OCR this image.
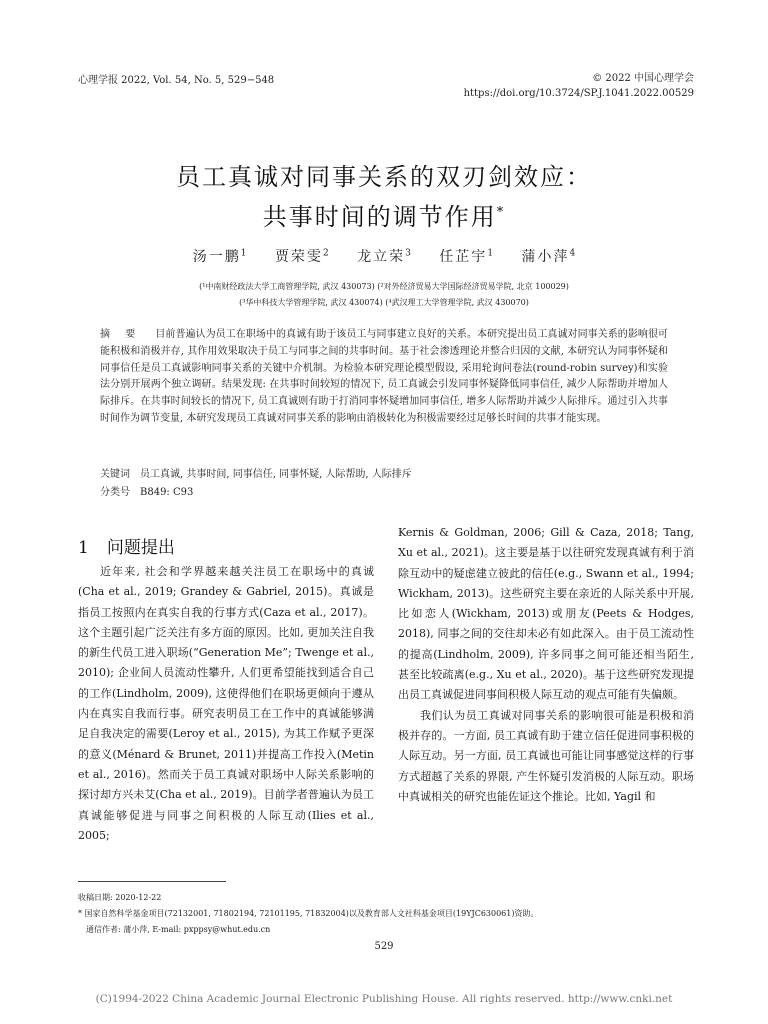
心理学报 2022, Vol. 54, No. 5, 529−548	© 2022 中国心理学会
https://doi.org/10.3724/SP.J.1041.2022.00529
员工真诚对同事关系的双刃剑效应：
共事时间的调节作用*
汤一鹏$^1$ 贾荣雯$^2$ 龙立荣$^3$ 任芷宇$^1$ 蒲小萍$^4$
(¹中南财经政法大学工商管理学院, 武汉 430073) (²对外经济贸易大学国际经济贸易学院, 北京 100029)
(³华中科技大学管理学院, 武汉 430074) (⁴武汉理工大学管理学院, 武汉 430070)
摘 要 目前普遍认为员工在职场中的真诚有助于该员工与同事建立良好的关系。本研究提出员工真诚对同事关系的影响很可能积极和消极并存, 其作用效果取决于员工与同事之间的共事时间。基于社会渗透理论并整合归因的文献, 本研究认为同事怀疑和同事信任是员工真诚影响同事关系的关键中介机制。为检验本研究理论模型假设, 采用轮询问卷法(round-robin survey)和实验法分别开展两个独立调研。结果发现: 在共事时间较短的情况下, 员工真诚会引发同事怀疑降低同事信任, 减少人际帮助并增加人际排斥。在共事时间较长的情况下, 员工真诚则有助于打消同事怀疑增加同事信任, 增多人际帮助并减少人际排斥。通过引入共事时间作为调节变量, 本研究发现员工真诚对同事关系的影响由消极转化为积极需要经过足够长时间的共事才能实现。
关键词 员工真诚, 共事时间, 同事信任, 同事怀疑, 人际帮助, 人际排斥
分类号 B849: C93
1 问题提出

近年来, 社会和学界越来越关注员工在职场中的真诚(Cha et al., 2019; Grandey & Gabriel, 2015)。真诚是指员工按照内在真实自我的行事方式(Caza et al., 2017)。这个主题引起广泛关注有多方面的原因。比如, 更加关注自我的新生代员工进入职场(“Generation Me”; Twenge et al., 2010); 企业间人员流动性攀升, 人们更希望能找到适合自己的工作(Lindholm, 2009), 这使得他们在职场更倾向于遵从内在真实自我而行事。研究表明员工在工作中的真诚能够满足自我决定的需要(Leroy et al., 2015), 为其工作赋予更深的意义(Ménard & Brunet, 2011)并提高工作投入(Metin et al., 2016)。然而关于员工真诚对职场中人际关系影响的探讨却方兴未艾(Cha et al., 2019)。目前学者普遍认为员工真诚能够促进与同事之间积极的人际互动(Ilies et al., 2005;

Kernis & Goldman, 2006; Gill & Caza, 2018; Tang, Xu et al., 2021)。这主要是基于以往研究发现真诚有利于消除互动中的疑虑建立彼此的信任(e.g., Swann et al., 1994; Wickham, 2013)。这些研究主要在亲近的人际关系中开展, 比如恋人(Wickham, 2013)或朋友(Peets & Hodges, 2018), 同事之间的交往却未必有如此深入。由于员工流动性的提高(Lindholm, 2009), 许多同事之间可能还相当陌生, 甚至比较疏离(e.g., Xu et al., 2020)。基于这些研究发现提出员工真诚促进同事间积极人际互动的观点可能有失偏颇。

我们认为员工真诚对同事关系的影响很可能是积极和消极并存的。一方面, 员工真诚有助于建立信任促进同事积极的人际互动。另一方面, 员工真诚也可能让同事感觉这样的行事方式超越了关系的界限, 产生怀疑引发消极的人际互动。职场中真诚相关的研究也能佐证这个推论。比如, Yagil 和

收稿日期: 2020-12-22
* 国家自然科学基金项目(72132001, 71802194, 72101195, 71832004)以及教育部人文社科基金项目(19YJC630061)资助。
通信作者: 蒲小萍, E-mail: pxppsy@whut.edu.cn
529
(C)1994-2022 China Academic Journal Electronic Publishing House. All rights reserved. http://www.cnki.net
